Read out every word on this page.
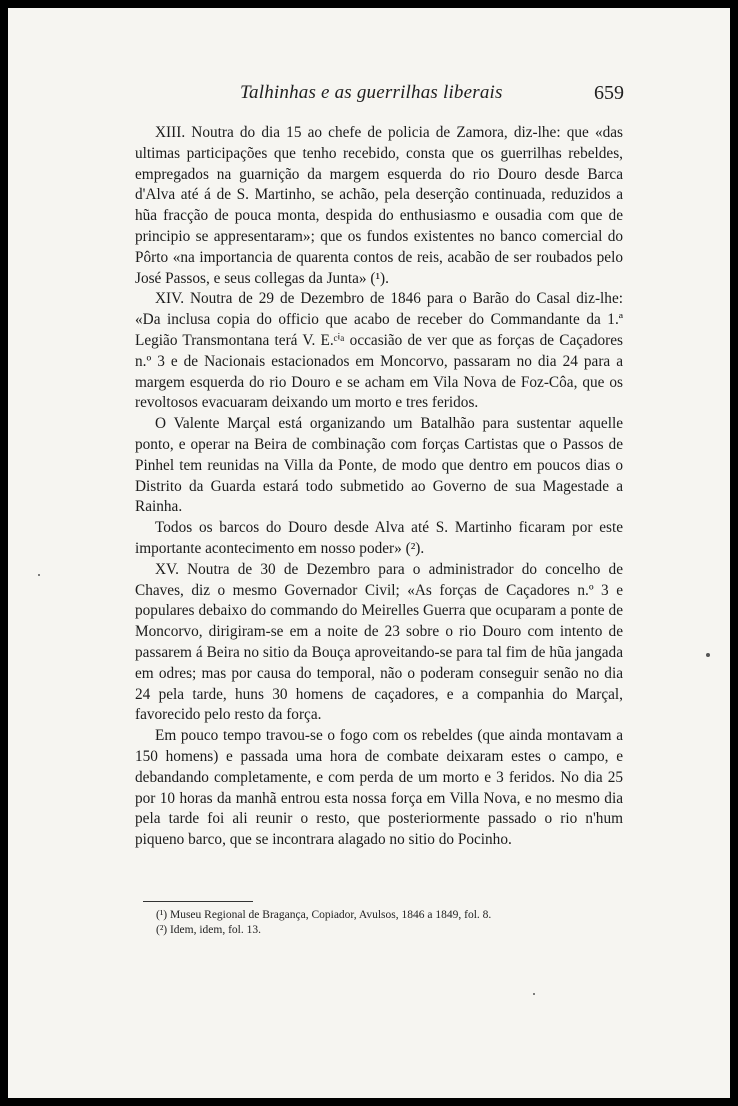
Talhinhas e as guerrilhas liberais	659

XIII. Noutra do dia 15 ao chefe de policia de Zamora, diz-lhe: que «das ultimas participações que tenho recebido, consta que os guerrilhas rebeldes, empregados na guarnição da margem esquerda do rio Douro desde Barca d'Alva até á de S. Martinho, se achão, pela deserção continuada, reduzidos a hũa fracção de pouca monta, despida do enthusiasmo e ousadia com que de principio se appresentaram»; que os fundos existentes no banco comercial do Pôrto «na importancia de quarenta contos de reis, acabão de ser roubados pelo José Passos, e seus collegas da Junta» (¹).

XIV. Noutra de 29 de Dezembro de 1846 para o Barão do Casal diz-lhe: «Da inclusa copia do officio que acabo de receber do Commandante da 1.ª Legião Transmontana terá V. E.ᶜⁱᵃ occasião de ver que as forças de Caçadores n.º 3 e de Nacionais estacionados em Moncorvo, passaram no dia 24 para a margem esquerda do rio Douro e se acham em Vila Nova de Foz-Côa, que os revoltosos evacuaram deixando um morto e tres feridos.

O Valente Marçal está organizando um Batalhão para sustentar aquelle ponto, e operar na Beira de combinação com forças Cartistas que o Passos de Pinhel tem reunidas na Villa da Ponte, de modo que dentro em poucos dias o Distrito da Guarda estará todo submetido ao Governo de sua Magestade a Rainha.

Todos os barcos do Douro desde Alva até S. Martinho ficaram por este importante acontecimento em nosso poder» (²).

XV. Noutra de 30 de Dezembro para o administrador do concelho de Chaves, diz o mesmo Governador Civil; «As forças de Caçadores n.º 3 e populares debaixo do commando do Meirelles Guerra que ocuparam a ponte de Moncorvo, dirigiram-se em a noite de 23 sobre o rio Douro com intento de passarem á Beira no sitio da Bouça aproveitando-se para tal fim de hũa jangada em odres; mas por causa do temporal, não o poderam conseguir senão no dia 24 pela tarde, huns 30 homens de caçadores, e a companhia do Marçal, favorecido pelo resto da força.

Em pouco tempo travou-se o fogo com os rebeldes (que ainda montavam a 150 homens) e passada uma hora de combate deixaram estes o campo, e debandando completamente, e com perda de um morto e 3 feridos. No dia 25 por 10 horas da manhã entrou esta nossa força em Villa Nova, e no mesmo dia pela tarde foi ali reunir o resto, que posteriormente passado o rio n'hum piqueno barco, que se incontrara alagado no sitio do Pocinho.

(¹) Museu Regional de Bragança, Copiador, Avulsos, 1846 a 1849, fol. 8.
(²) Idem, idem, fol. 13.
